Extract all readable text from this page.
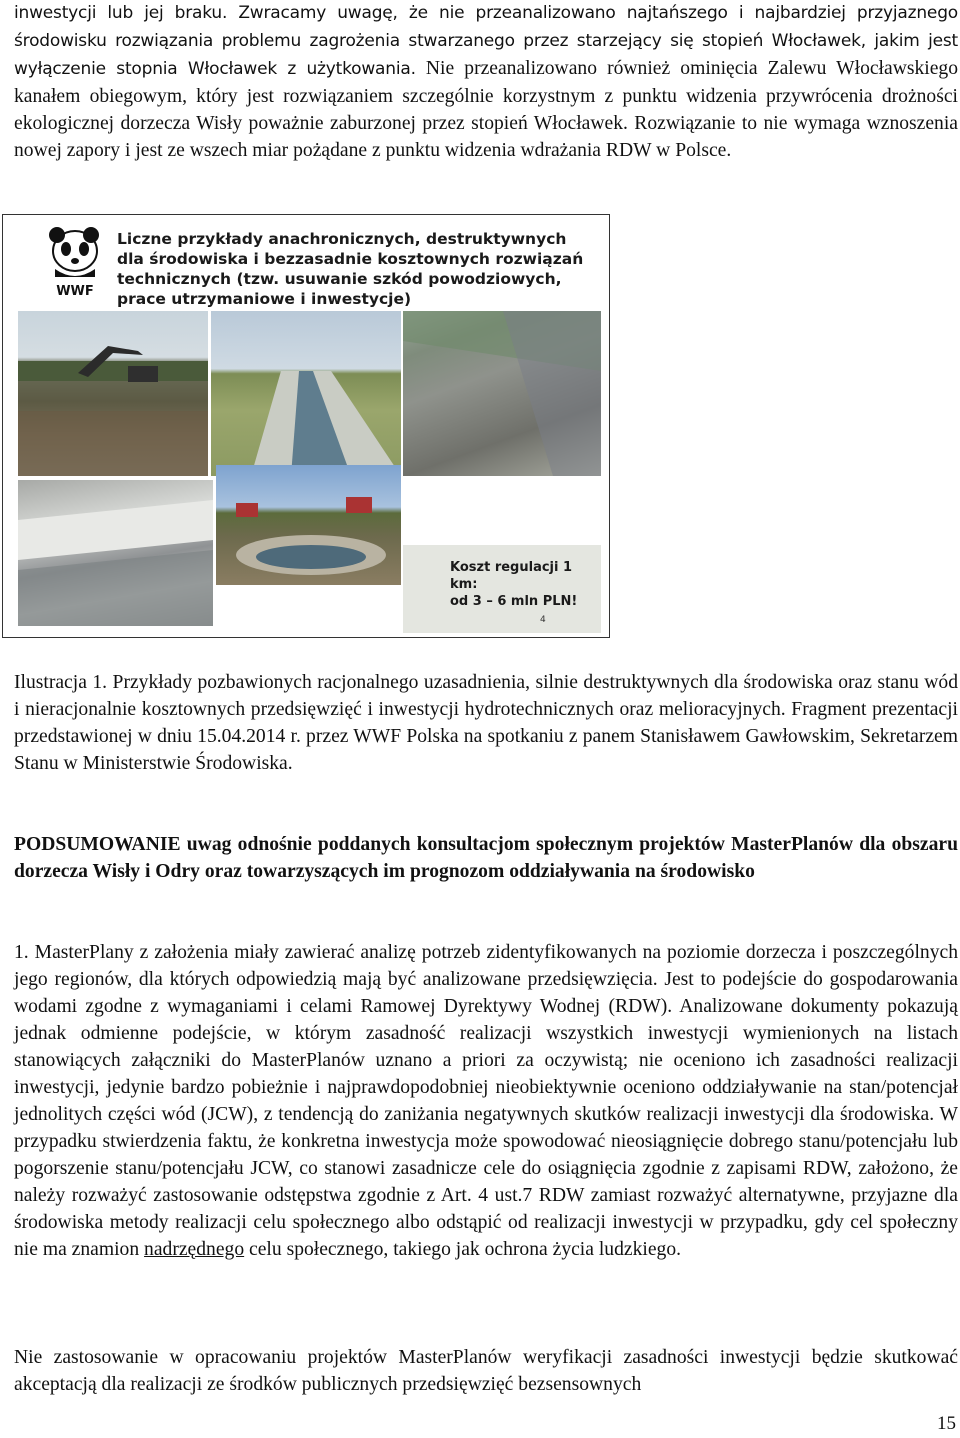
inwestycji lub jej braku. Zwracamy uwagę, że nie przeanalizowano najtańszego i najbardziej przyjaznego środowisku rozwiązania problemu zagrożenia stwarzanego przez starzejący się stopień Włocławek, jakim jest wyłączenie stopnia Włocławek z użytkowania. Nie przeanalizowano również ominięcia Zalewu Włocławskiego kanałem obiegowym, który jest rozwiązaniem szczególnie korzystnym z punktu widzenia przywrócenia drożności ekologicznej dorzecza Wisły poważnie zaburzonej przez stopień Włocławek. Rozwiązanie to nie wymaga wznoszenia nowej zapory i jest ze wszech miar pożądane z punktu widzenia wdrażania RDW w Polsce.

WWF
Liczne przykłady anachronicznych, destruktywnych dla środowiska i bezzasadnie kosztownych rozwiązań technicznych (tzw. usuwanie szkód powodziowych, prace utrzymaniowe i inwestycje)
Koszt regulacji 1 km:
od 3 – 6 mln PLN!
4

Ilustracja 1. Przykłady pozbawionych racjonalnego uzasadnienia, silnie destruktywnych dla środowiska oraz stanu wód i nieracjonalnie kosztownych przedsięwzięć i inwestycji hydrotechnicznych oraz melioracyjnych. Fragment prezentacji przedstawionej w dniu 15.04.2014 r. przez WWF Polska na spotkaniu z panem Stanisławem Gawłowskim, Sekretarzem Stanu w Ministerstwie Środowiska.

PODSUMOWANIE uwag odnośnie poddanych konsultacjom społecznym projektów MasterPlanów dla obszaru dorzecza Wisły i Odry oraz towarzyszących im prognozom oddziaływania na środowisko

1. MasterPlany z założenia miały zawierać analizę potrzeb zidentyfikowanych na poziomie dorzecza i poszczególnych jego regionów, dla których odpowiedzią mają być analizowane przedsięwzięcia. Jest to podejście do gospodarowania wodami zgodne z wymaganiami i celami Ramowej Dyrektywy Wodnej (RDW). Analizowane dokumenty pokazują jednak odmienne podejście, w którym zasadność realizacji wszystkich inwestycji wymienionych na listach stanowiących załączniki do MasterPlanów uznano a priori za oczywistą; nie oceniono ich zasadności realizacji inwestycji, jedynie bardzo pobieżnie i najprawdopodobniej nieobiektywnie oceniono oddziaływanie na stan/potencjał jednolitych części wód (JCW), z tendencją do zaniżania negatywnych skutków realizacji inwestycji dla środowiska. W przypadku stwierdzenia faktu, że konkretna inwestycja może spowodować nieosiągnięcie dobrego stanu/potencjału lub pogorszenie stanu/potencjału JCW, co stanowi zasadnicze cele do osiągnięcia zgodnie z zapisami RDW, założono, że należy rozważyć zastosowanie odstępstwa zgodnie z Art. 4 ust.7 RDW zamiast rozważyć alternatywne, przyjazne dla środowiska metody realizacji celu społecznego albo odstąpić od realizacji inwestycji w przypadku, gdy cel społeczny nie ma znamion nadrzędnego celu społecznego, takiego jak ochrona życia ludzkiego.

Nie zastosowanie w opracowaniu projektów MasterPlanów weryfikacji zasadności inwestycji będzie skutkować akceptacją dla realizacji ze środków publicznych przedsięwzięć bezsensownych

15
